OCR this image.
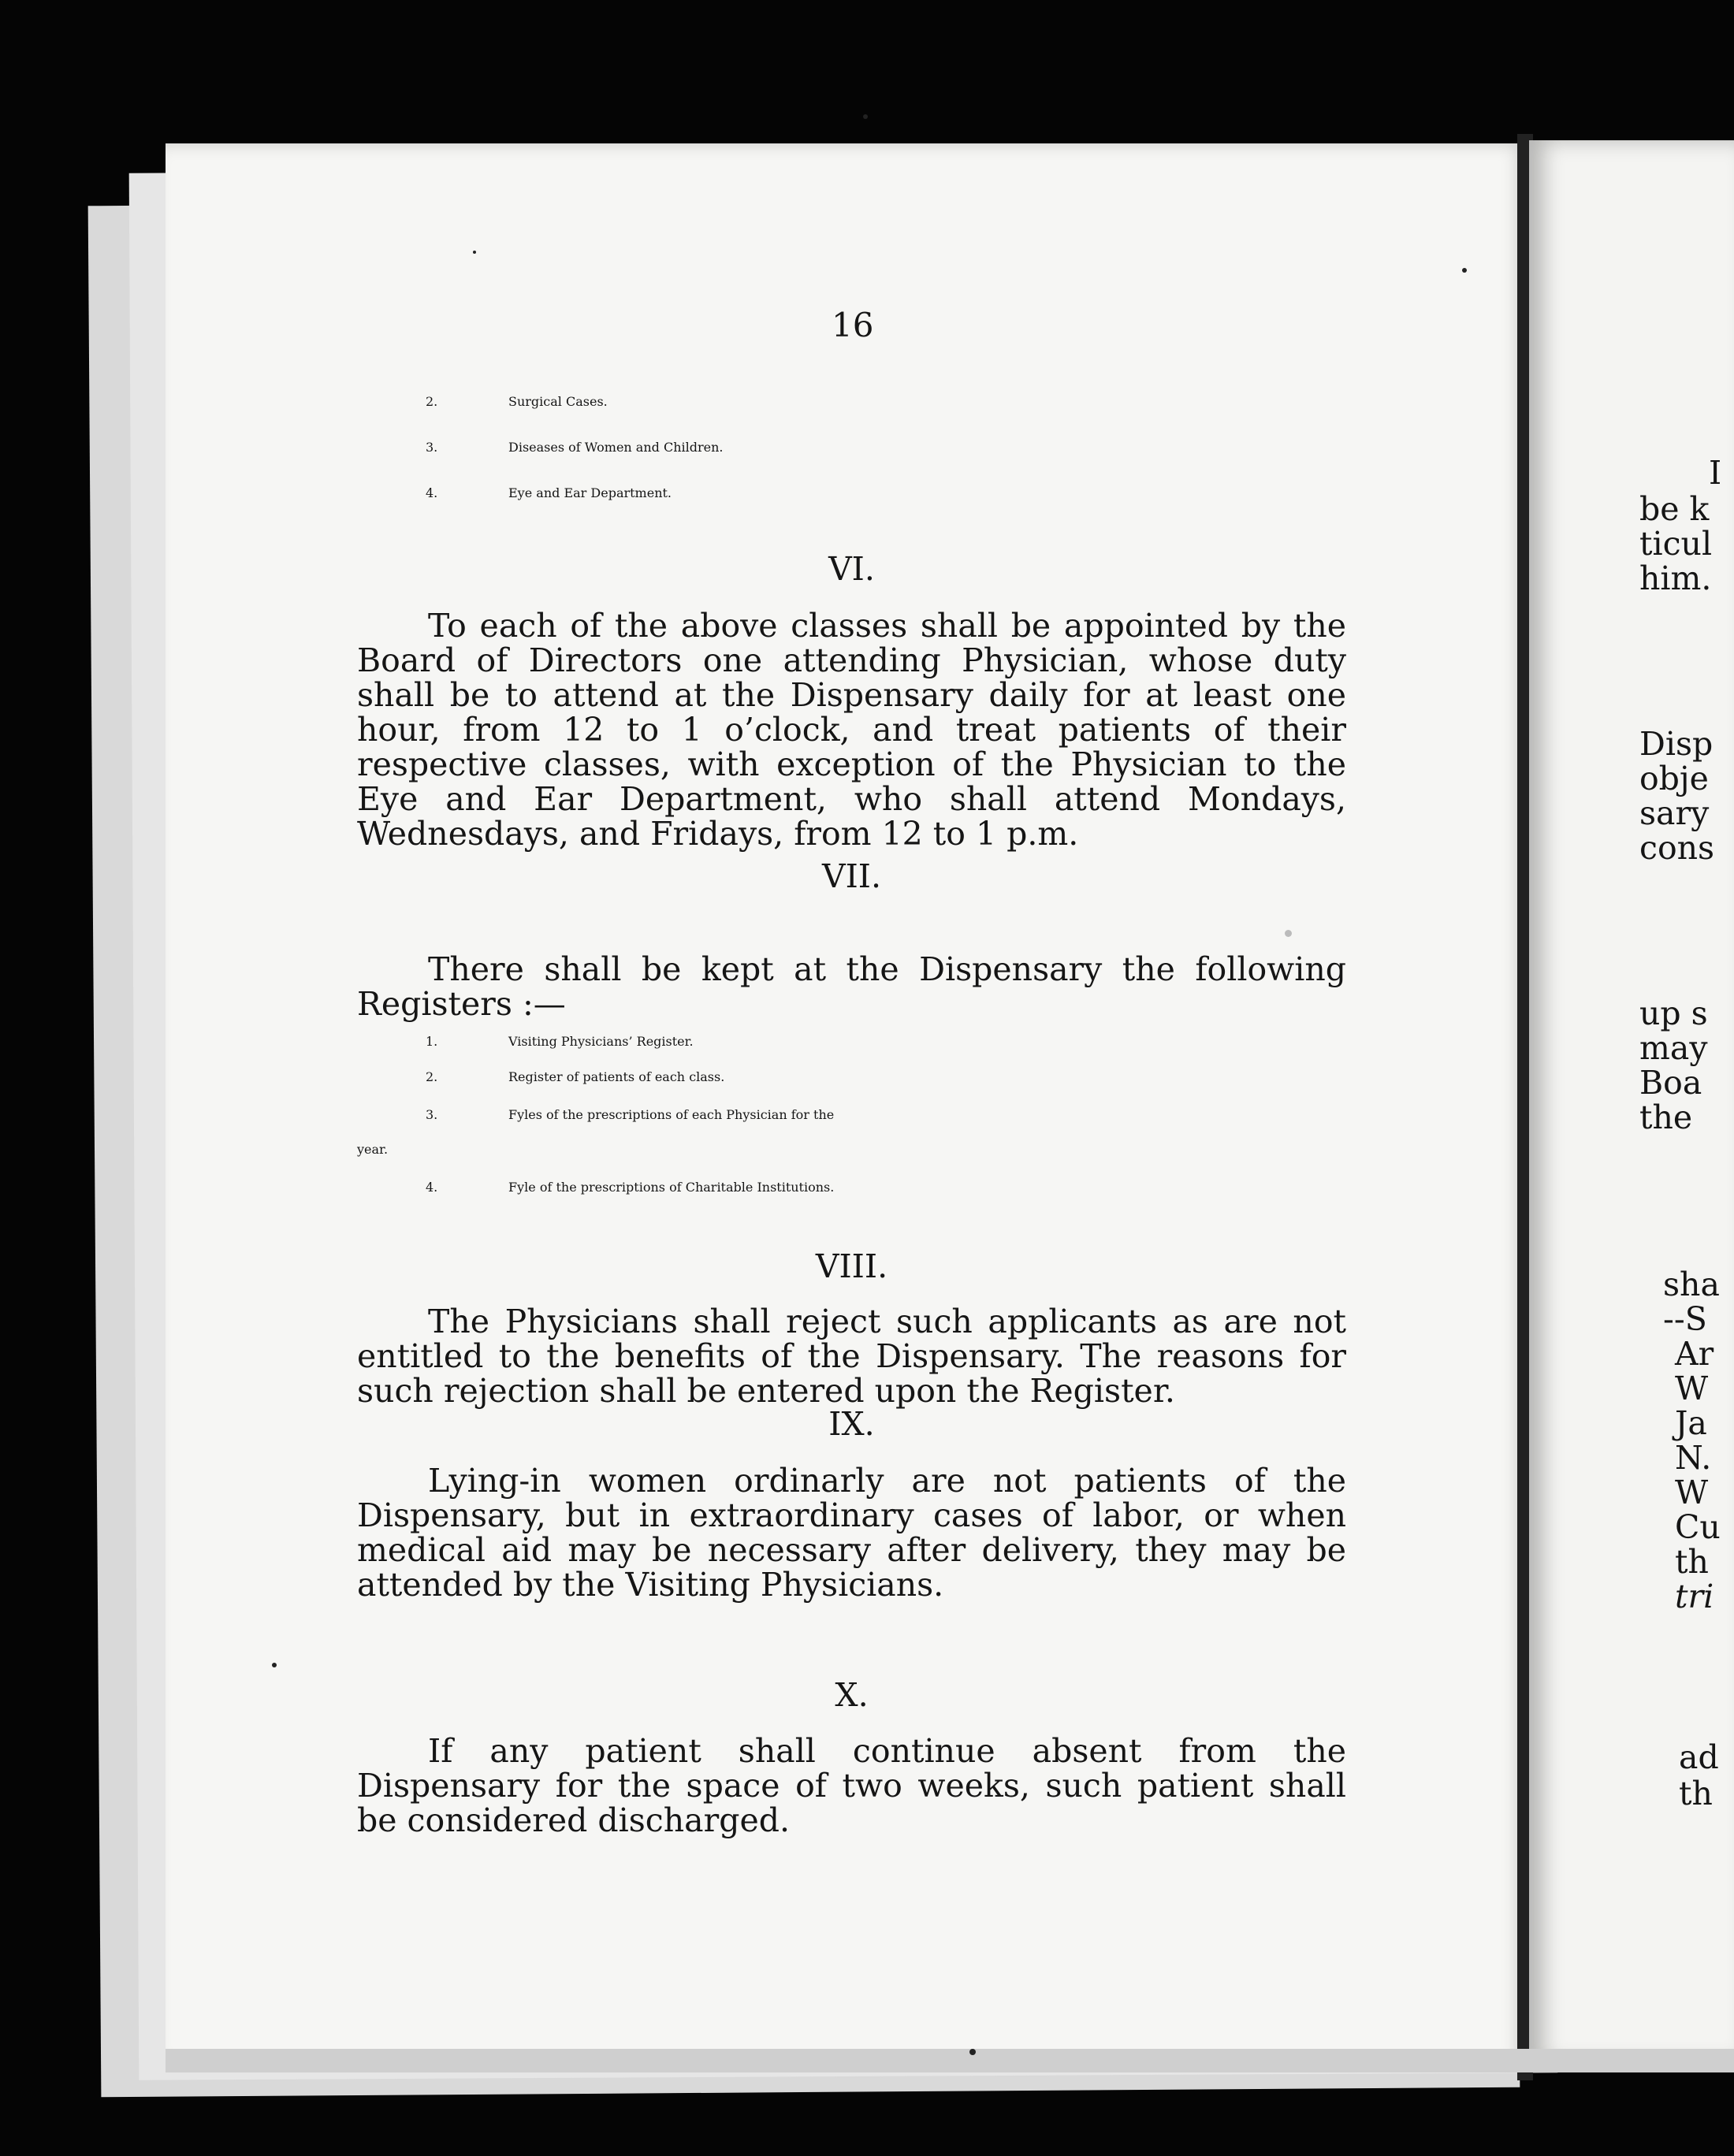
16
2.	Surgical Cases.
3.	Diseases of Women and Children.
4.	Eye and Ear Department.
VI.
To each of the above classes shall be appointed by the Board of Directors one attending Physician, whose duty shall be to attend at the Dispensary daily for at least one hour, from 12 to 1 o’clock, and treat patients of their respective classes, with exception of the Physician to the Eye and Ear Department, who shall attend Mondays, Wednesdays, and Fridays, from 12 to 1 p.m.
VII.
There shall be kept at the Dispensary the following Registers :—
1.	Visiting Physicians’ Register.
2.	Register of patients of each class.
3.	Fyles of the prescriptions of each Physician for the
year.
4.	Fyle of the prescriptions of Charitable Institutions.
VIII.
The Physicians shall reject such applicants as are not entitled to the benefits of the Dispensary. The reasons for such rejection shall be entered upon the Register.
IX.
Lying-in women ordinarly are not patients of the Dispensary, but in extraordinary cases of labor, or when medical aid may be necessary after delivery, they may be attended by the Visiting Physicians.
X.
If any patient shall continue absent from the Dispensary for the space of two weeks, such patient shall be considered discharged.
I
be k
ticul
him.
Disp
obje
sary
cons
up s
may
Boa
the
sha
--S
Ar
W
Ja
N.
W
Cu
th
tri
ad
th
